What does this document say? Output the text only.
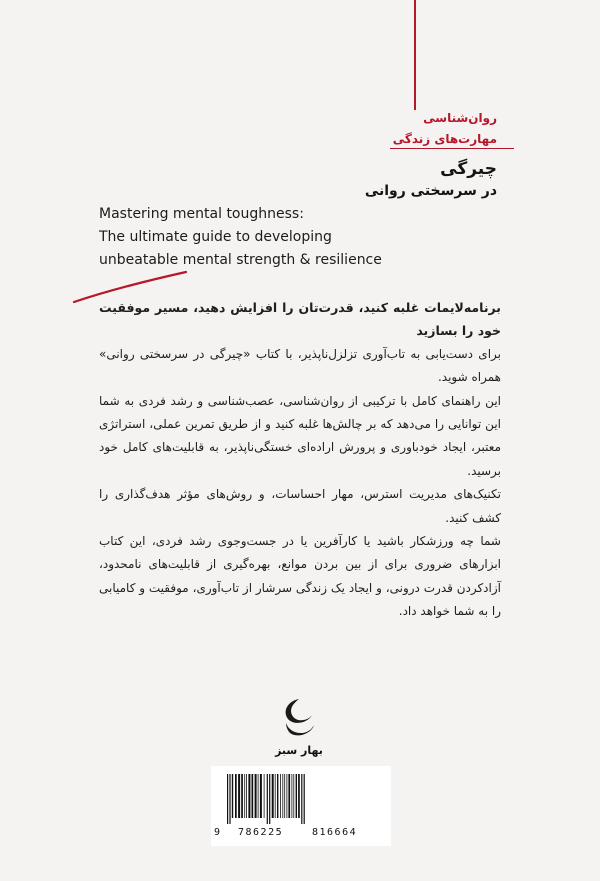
روان‌شناسی
مهارت‌های زندگی
چیرگی
در سرسختی روانی
Mastering mental toughness:
The ultimate guide to developing
unbeatable mental strength & resilience

برنامه‌لایمات غلبه کنید، قدرت‌تان را افزایش دهید، مسیر موفقیت خود را بسازید

برای دست‌یابی به تاب‌آوری تزلزل‌ناپذیر، با کتاب «چیرگی در سرسختی روانی» همراه شوید.

این راهنمای کامل با ترکیبی از روان‌شناسی، عصب‌شناسی و رشد فردی به شما این توانایی را می‌دهد که بر چالش‌ها غلبه کنید و از طریق تمرین عملی، استراتژی معتبر، ایجاد خودباوری و پرورش اراده‌ای خستگی‌ناپذیر، به قابلیت‌های کامل خود برسید.

تکنیک‌های مدیریت استرس، مهار احساسات، و روش‌های مؤثر هدف‌گذاری را کشف کنید.

شما چه ورزشکار باشید یا کارآفرین یا در جست‌وجوی رشد فردی، این کتاب ابزارهای ضروری برای از بین بردن موانع، بهره‌گیری از قابلیت‌های نامحدود، آزادکردن قدرت درونی، و ایجاد یک زندگی سرشار از تاب‌آوری، موفقیت و کامیابی را به شما خواهد داد.

بهار سبز
9 786225	816664
